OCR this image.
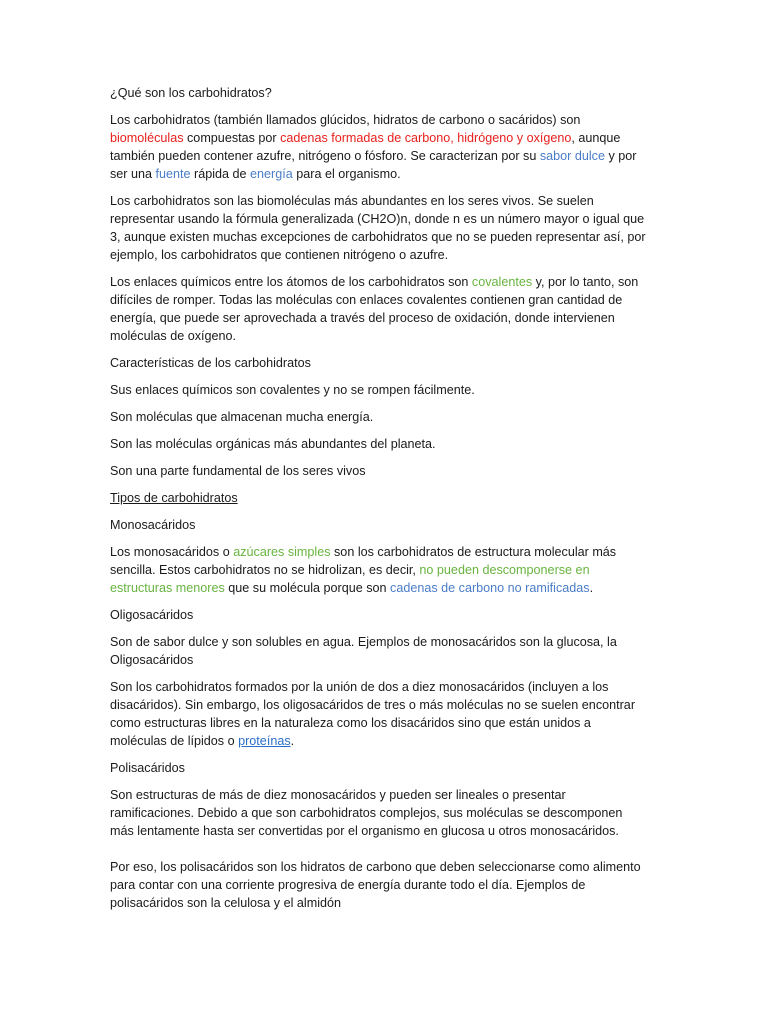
¿Qué son los carbohidratos?
Los carbohidratos (también llamados glúcidos, hidratos de carbono o sacáridos) son
biomoléculas compuestas por cadenas formadas de carbono, hidrógeno y oxígeno, aunque
también pueden contener azufre, nitrógeno o fósforo. Se caracterizan por su sabor dulce y por
ser una fuente rápida de energía para el organismo.
Los carbohidratos son las biomoléculas más abundantes en los seres vivos. Se suelen
representar usando la fórmula generalizada (CH2O)n, donde n es un número mayor o igual que
3, aunque existen muchas excepciones de carbohidratos que no se pueden representar así, por
ejemplo, los carbohidratos que contienen nitrógeno o azufre.
Los enlaces químicos entre los átomos de los carbohidratos son covalentes y, por lo tanto, son
difíciles de romper. Todas las moléculas con enlaces covalentes contienen gran cantidad de
energía, que puede ser aprovechada a través del proceso de oxidación, donde intervienen
moléculas de oxígeno.
Características de los carbohidratos
Sus enlaces químicos son covalentes y no se rompen fácilmente.
Son moléculas que almacenan mucha energía.
Son las moléculas orgánicas más abundantes del planeta.
Son una parte fundamental de los seres vivos
Tipos de carbohidratos
Monosacáridos
Los monosacáridos o azúcares simples son los carbohidratos de estructura molecular más
sencilla. Estos carbohidratos no se hidrolizan, es decir, no pueden descomponerse en
estructuras menores que su molécula porque son cadenas de carbono no ramificadas.
Oligosacáridos
Son de sabor dulce y son solubles en agua. Ejemplos de monosacáridos son la glucosa, la
Oligosacáridos
Son los carbohidratos formados por la unión de dos a diez monosacáridos (incluyen a los
disacáridos). Sin embargo, los oligosacáridos de tres o más moléculas no se suelen encontrar
como estructuras libres en la naturaleza como los disacáridos sino que están unidos a
moléculas de lípidos o proteínas.
Polisacáridos
Son estructuras de más de diez monosacáridos y pueden ser lineales o presentar
ramificaciones. Debido a que son carbohidratos complejos, sus moléculas se descomponen
más lentamente hasta ser convertidas por el organismo en glucosa u otros monosacáridos.
Por eso, los polisacáridos son los hidratos de carbono que deben seleccionarse como alimento
para contar con una corriente progresiva de energía durante todo el día. Ejemplos de
polisacáridos son la celulosa y el almidón
